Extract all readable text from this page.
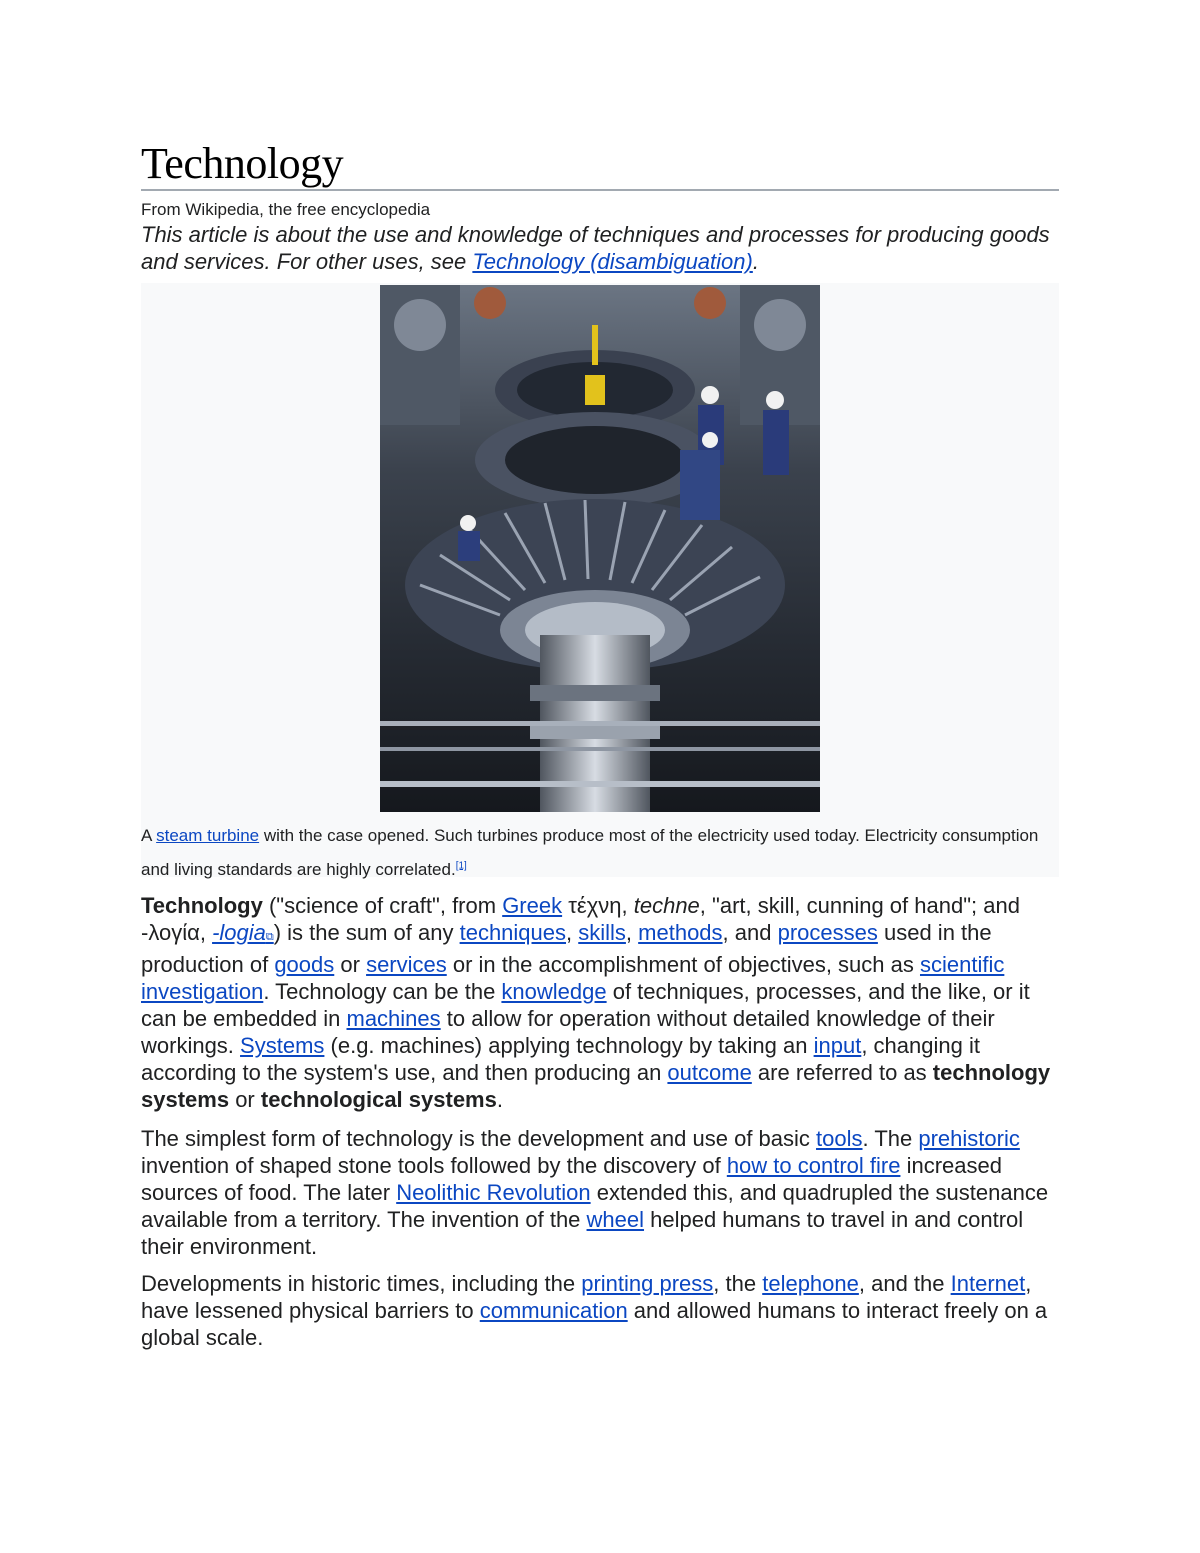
Technology
From Wikipedia, the free encyclopedia
This article is about the use and knowledge of techniques and processes for producing goods and services. For other uses, see Technology (disambiguation).
A steam turbine with the case opened. Such turbines produce most of the electricity used today. Electricity consumption and living standards are highly correlated.[1]

Technology ("science of craft", from Greek τέχνη, techne, "art, skill, cunning of hand"; and -λογία, -logia⧉) is the sum of any techniques, skills, methods, and processes used in the production of goods or services or in the accomplishment of objectives, such as scientific investigation. Technology can be the knowledge of techniques, processes, and the like, or it can be embedded in machines to allow for operation without detailed knowledge of their workings. Systems (e.g. machines) applying technology by taking an input, changing it according to the system's use, and then producing an outcome are referred to as technology systems or technological systems.

The simplest form of technology is the development and use of basic tools. The prehistoric invention of shaped stone tools followed by the discovery of how to control fire increased sources of food. The later Neolithic Revolution extended this, and quadrupled the sustenance available from a territory. The invention of the wheel helped humans to travel in and control their environment.

Developments in historic times, including the printing press, the telephone, and the Internet, have lessened physical barriers to communication and allowed humans to interact freely on a global scale.
